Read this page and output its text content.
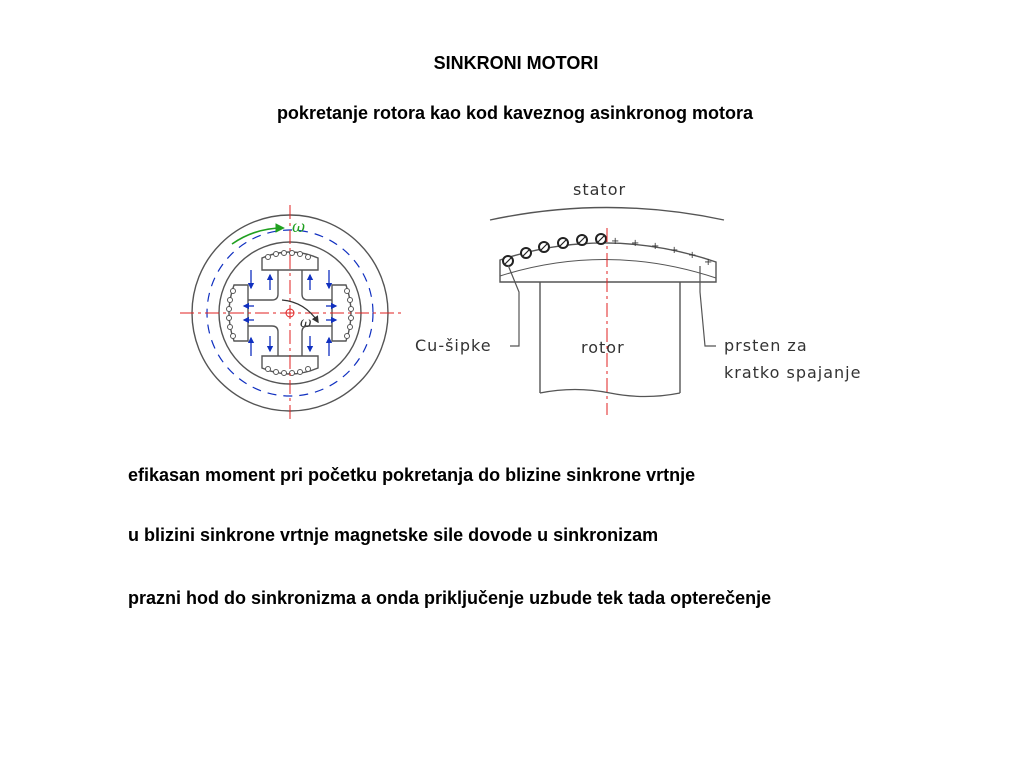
SINKRONI MOTORI
pokretanje rotora kao kod kaveznog asinkronog motora
ω
ω
stator
+ + + + +
+
Cu-šipke	rotor	prsten za
kratko spajanje
efikasan moment pri početku pokretanja do blizine sinkrone vrtnje
u blizini sinkrone vrtnje magnetske sile dovode u sinkronizam
prazni hod do sinkronizma a onda priključenje uzbude tek tada opterečenje
